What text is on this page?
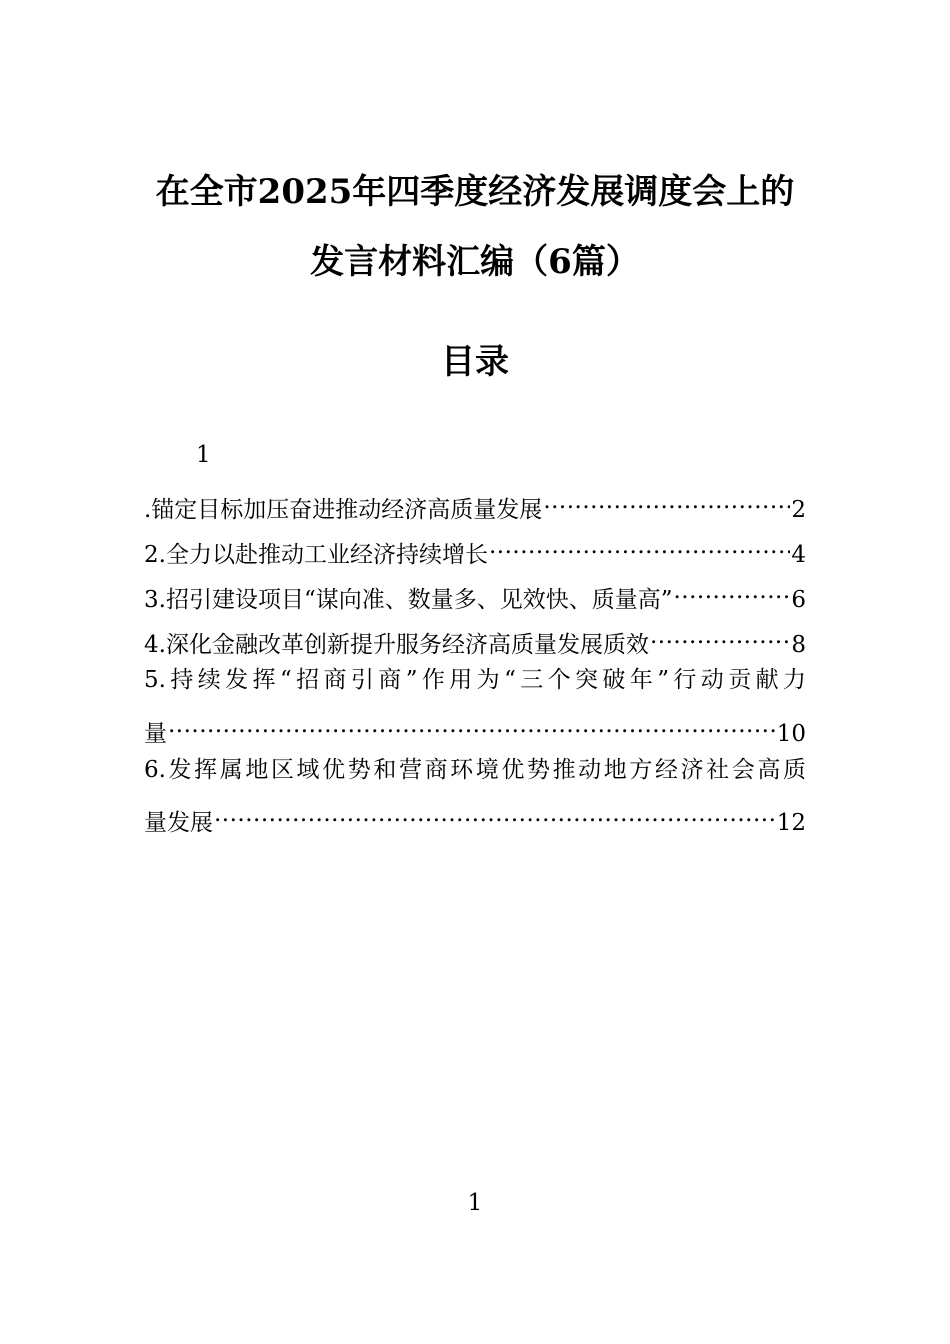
在全市2025年四季度经济发展调度会上的
发言材料汇编（6篇）
目录
1
.锚定目标加压奋进推动经济高质量发展 .....	2
2.全力以赴推动工业经济持续增长 .....	4
3.招引建设项目“谋向准、数量多、见效快、质量高” .....	6
4.深化金融改革创新提升服务经济高质量发展质效 .....	8
5.持续发挥“招商引商”作用为“三个突破年”行动贡献力
量 .....	10
6.发挥属地区域优势和营商环境优势推动地方经济社会高质
量发展 .....	12
1
